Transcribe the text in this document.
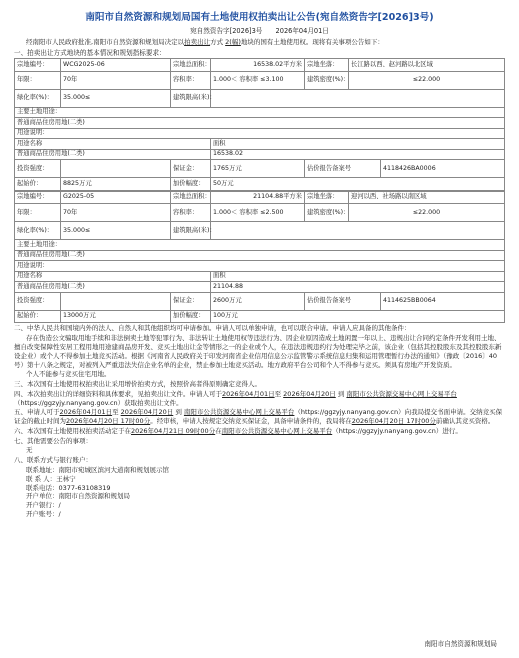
南阳市自然资源和规划局国有土地使用权拍卖出让公告(宛自然资告字[2026]3号)
宛自然资告字[2026]3号　　2026年04月01日
经南阳市人民政府批准,南阳市自然资源和规划局决定以拍卖出让方式 2(幅)地块的国有土地使用权。现将有关事项公告如下：
一、拍卖出让方式地块的基本情况和规划指标要求：
宗地编号：	WCG2025-06	宗地总面积：	16538.02平方米	宗地坐落：	长江路以西、赵河路以北区域	
年限：	70年	容积率：	1.000＜ 容积率 ≤3.100	建筑密度(%)：	≤22.000	
绿化率(%)：	35.000≤	建筑限高(米)：				
主要土地用途：						
普通商品住房用地(二类)						
用途说明：						
用途名称			面积			
普通商品住房用地(二类)			16538.02			
投资强度：		保证金：	1765万元	估价报告备案号		4118426BA0006
起始价：	8825万元	加价幅度：	50万元			
宗地编号：	G2025-05	宗地总面积：	21104.88平方米	宗地坐落：	迎河以西、社场路以南区域	
年限：	70年	容积率：	1.000＜ 容积率 ≤2.500	建筑密度(%)：	≤22.000	
绿化率(%)：	35.000≤	建筑限高(米)：				
主要土地用途：						
普通商品住房用地(二类)						
用途说明：						
用途名称			面积			
普通商品住房用地(二类)			21104.88			
投资强度：		保证金：	2600万元	估价报告备案号		4114625BB0064
起始价：	13000万元	加价幅度：	100万元			
二、中华人民共和国境内外的法人、自然人和其他组织均可申请参加。申请人可以单独申请，也可以联合申请。申请人应具备的其他条件：
存在伪造公文骗取用地手续和非法倒卖土地等犯罪行为、非法转让土地使用权等违法行为、因企业原因造成土地闲置一年以上、违规出让合同约定条件开发利用土地、擅自改变保障性安居工程用地用途建商品房开发、竞买土地出让金等情形之一的企业或个人，在违法违规违约行为处理完毕之前，该企业（包括其控股股东及其控股股东新设企业）或个人不得参加土地竞买活动。根据《河南省人民政府关于印发河南省企业信用信息公示监管警示系统信息归集和运用管理暂行办法的通知》（豫政〔2016〕40号）第十八条之规定，对被列入严重违法失信企业名单的企业，禁止参加土地竞买活动。地方政府平台公司和个人不得参与竞买。须具有房地产开发资质。
个人不能参与竞买住宅用地。
三、本次国有土地使用权拍卖出让采用增价拍卖方式，按照价高者得原则确定竞得人。
四、本次拍卖出让的详细资料和具体要求，见拍卖出让文件。申请人可于2026年04月01日至 2026年04月20日 到 南阳市公共资源交易中心网上交易平台（https://ggzyjy.nanyang.gov.cn）获取拍卖出让文件。
五、申请人可于2026年04月01日至 2026年04月20日 到 南阳市公共资源交易中心网上交易平台（https://ggzyjy.nanyang.gov.cn）向我局提交书面申请。交纳竞买保证金的截止时间为2026年04月20日 17时00分。经审核，申请人按规定交纳竞买保证金，具备申请条件的，我局将在2026年04月20日 17时00分前确认其竞买资格。
六、本次国有土地使用权拍卖活动定于在2026年04月21日 09时00分在南阳市公共资源交易中心网上交易平台（https://ggzyjy.nanyang.gov.cn）进行。
七、其他需要公告的事项：
无
八、联系方式与银行账户：
联系地址：南阳市宛城区滨河大道南和规划展示馆
联 系 人：王林宁
联系电话：0377-63108319
开户单位：南阳市自然资源和规划局
开户银行：/
开户账号：/
南阳市自然资源和规划局
